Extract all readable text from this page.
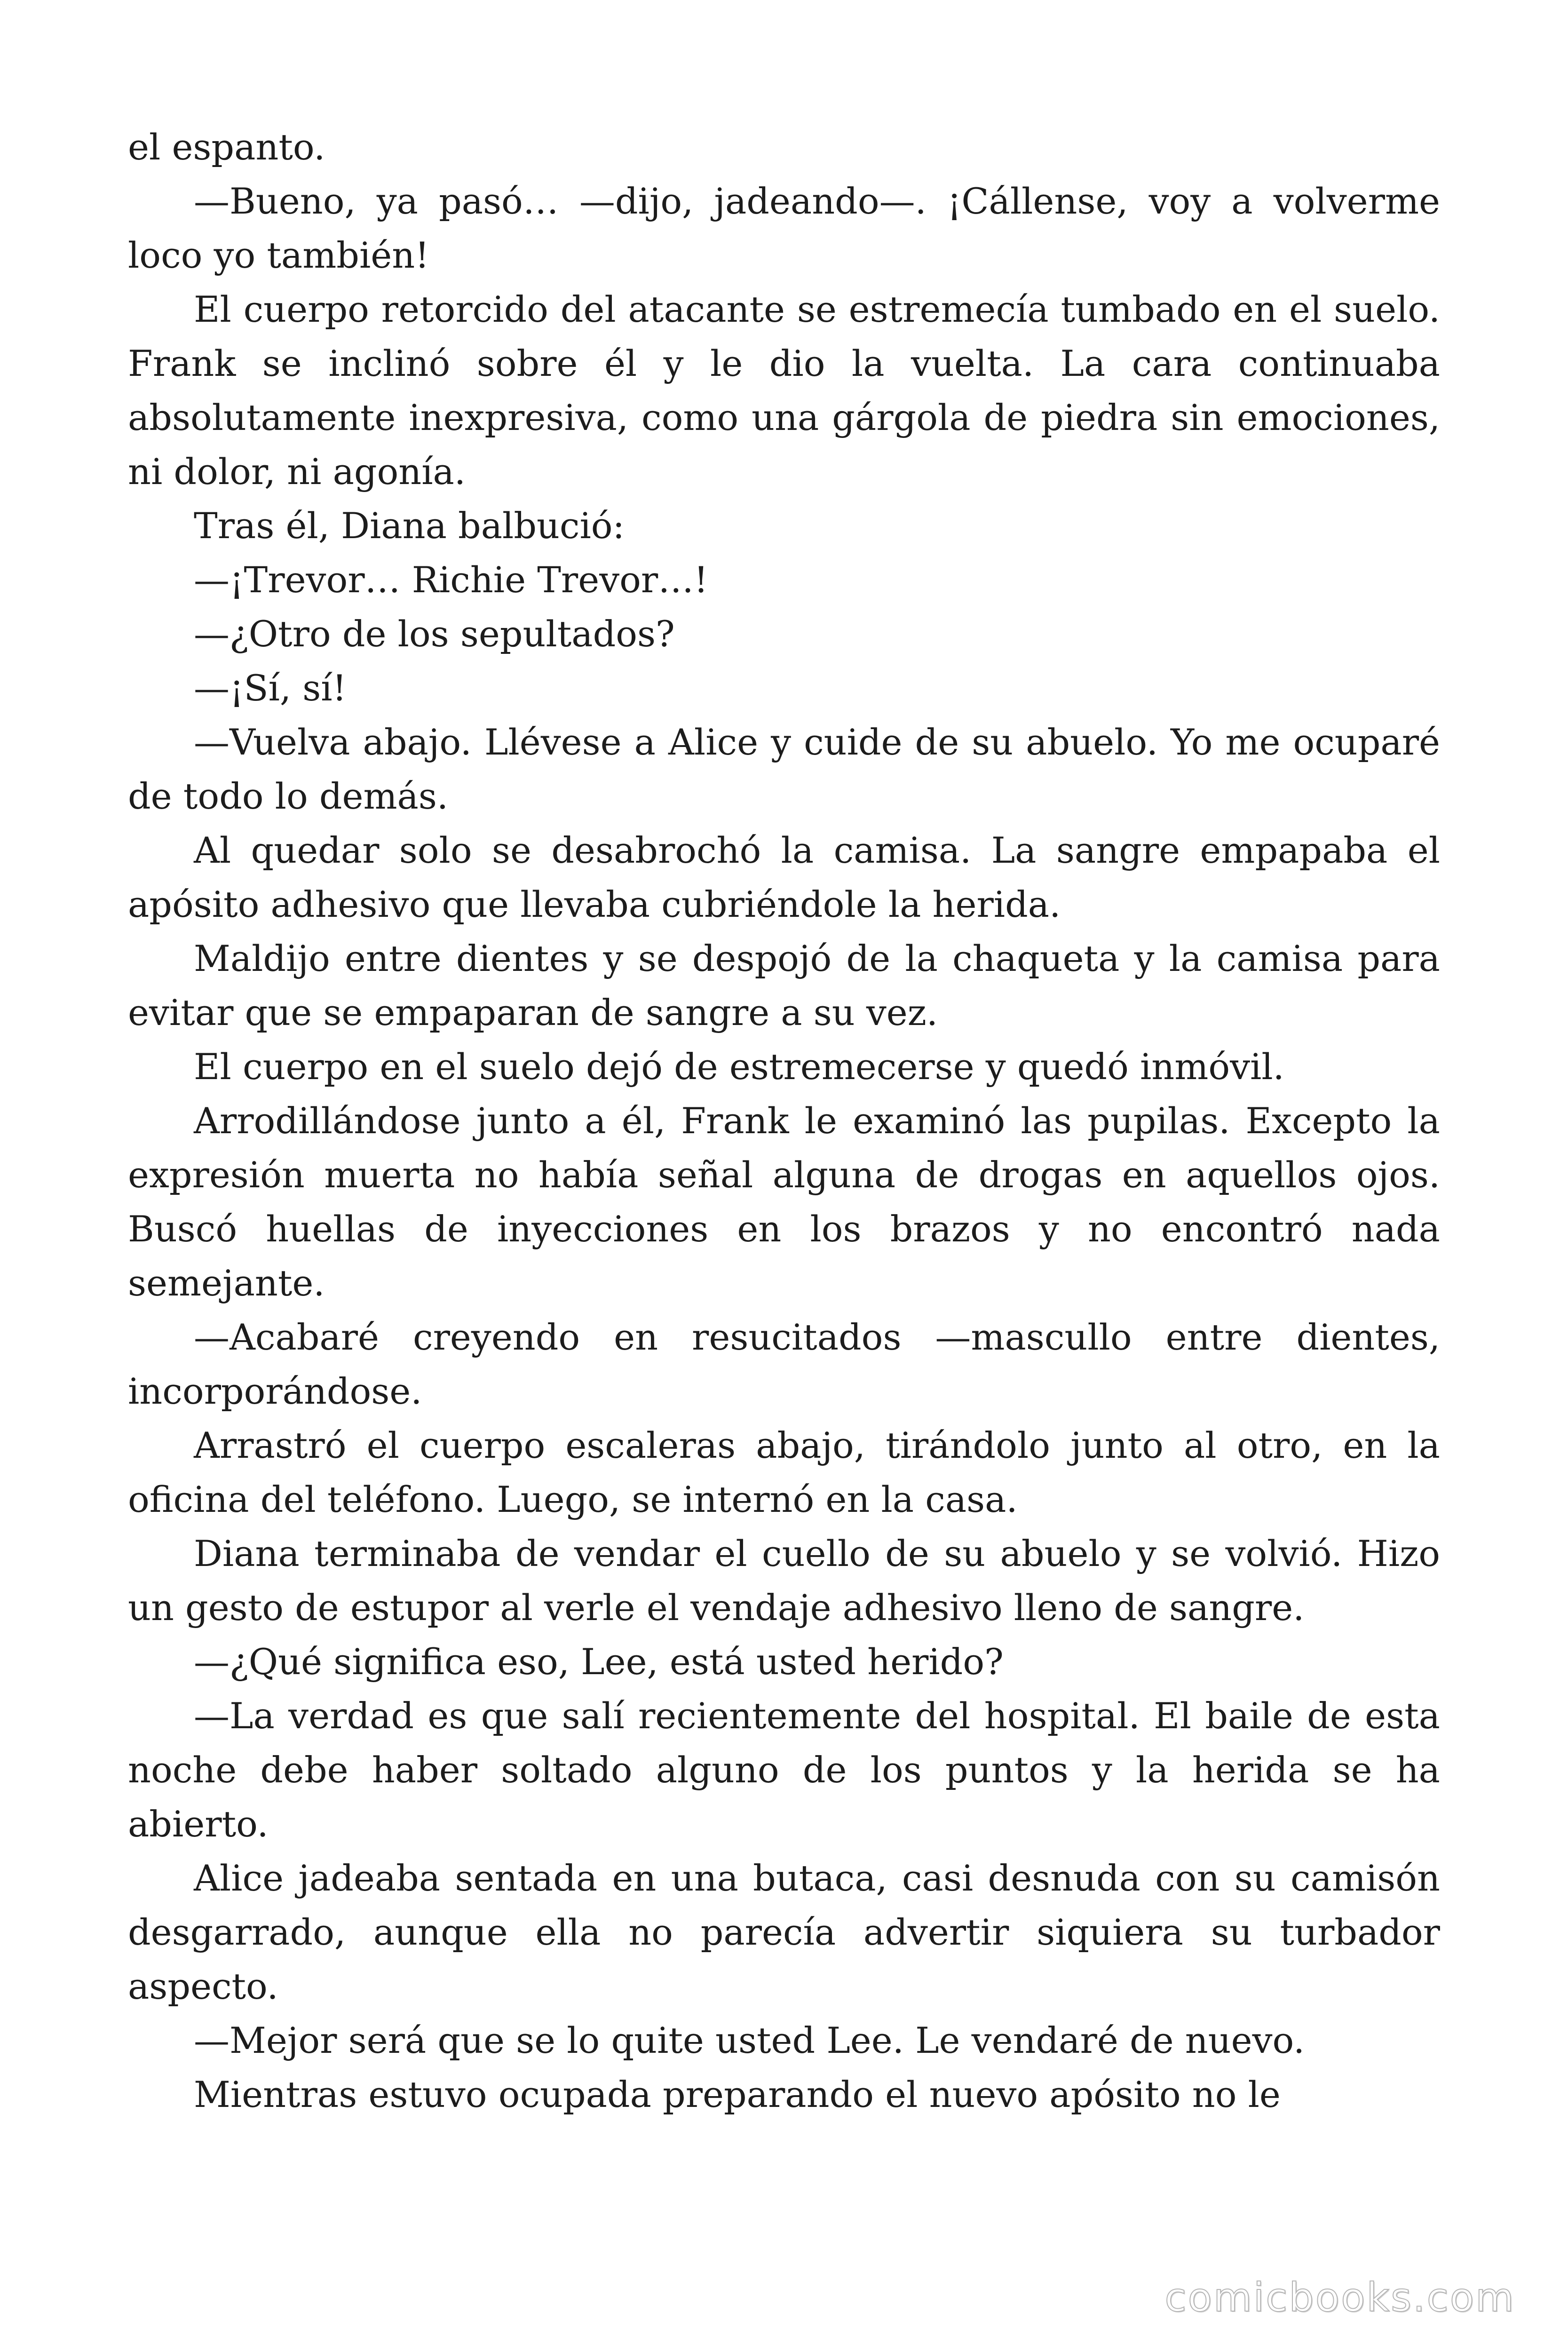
el espanto.

—Bueno, ya pasó… —dijo, jadeando—. ¡Cállense, voy a volverme loco yo también!

El cuerpo retorcido del atacante se estremecía tumbado en el suelo. Frank se inclinó sobre él y le dio la vuelta. La cara continuaba absolutamente inexpresiva, como una gárgola de piedra sin emociones, ni dolor, ni agonía.

Tras él, Diana balbució:

—¡Trevor… Richie Trevor…!

—¿Otro de los sepultados?

—¡Sí, sí!

—Vuelva abajo. Llévese a Alice y cuide de su abuelo. Yo me ocuparé de todo lo demás.

Al quedar solo se desabrochó la camisa. La sangre empapaba el apósito adhesivo que llevaba cubriéndole la herida.

Maldijo entre dientes y se despojó de la chaqueta y la camisa para evitar que se empaparan de sangre a su vez.

El cuerpo en el suelo dejó de estremecerse y quedó inmóvil.

Arrodillándose junto a él, Frank le examinó las pupilas. Excepto la expresión muerta no había señal alguna de drogas en aquellos ojos. Buscó huellas de inyecciones en los brazos y no encontró nada semejante.

—Acabaré creyendo en resucitados —mascullo entre dientes, incorporándose.

Arrastró el cuerpo escaleras abajo, tirándolo junto al otro, en la oficina del teléfono. Luego, se internó en la casa.

Diana terminaba de vendar el cuello de su abuelo y se volvió. Hizo un gesto de estupor al verle el vendaje adhesivo lleno de sangre.

—¿Qué significa eso, Lee, está usted herido?

—La verdad es que salí recientemente del hospital. El baile de esta noche debe haber soltado alguno de los puntos y la herida se ha abierto.

Alice jadeaba sentada en una butaca, casi desnuda con su camisón desgarrado, aunque ella no parecía advertir siquiera su turbador aspecto.

—Mejor será que se lo quite usted Lee. Le vendaré de nuevo.

Mientras estuvo ocupada preparando el nuevo apósito no le

comicbooks.com
